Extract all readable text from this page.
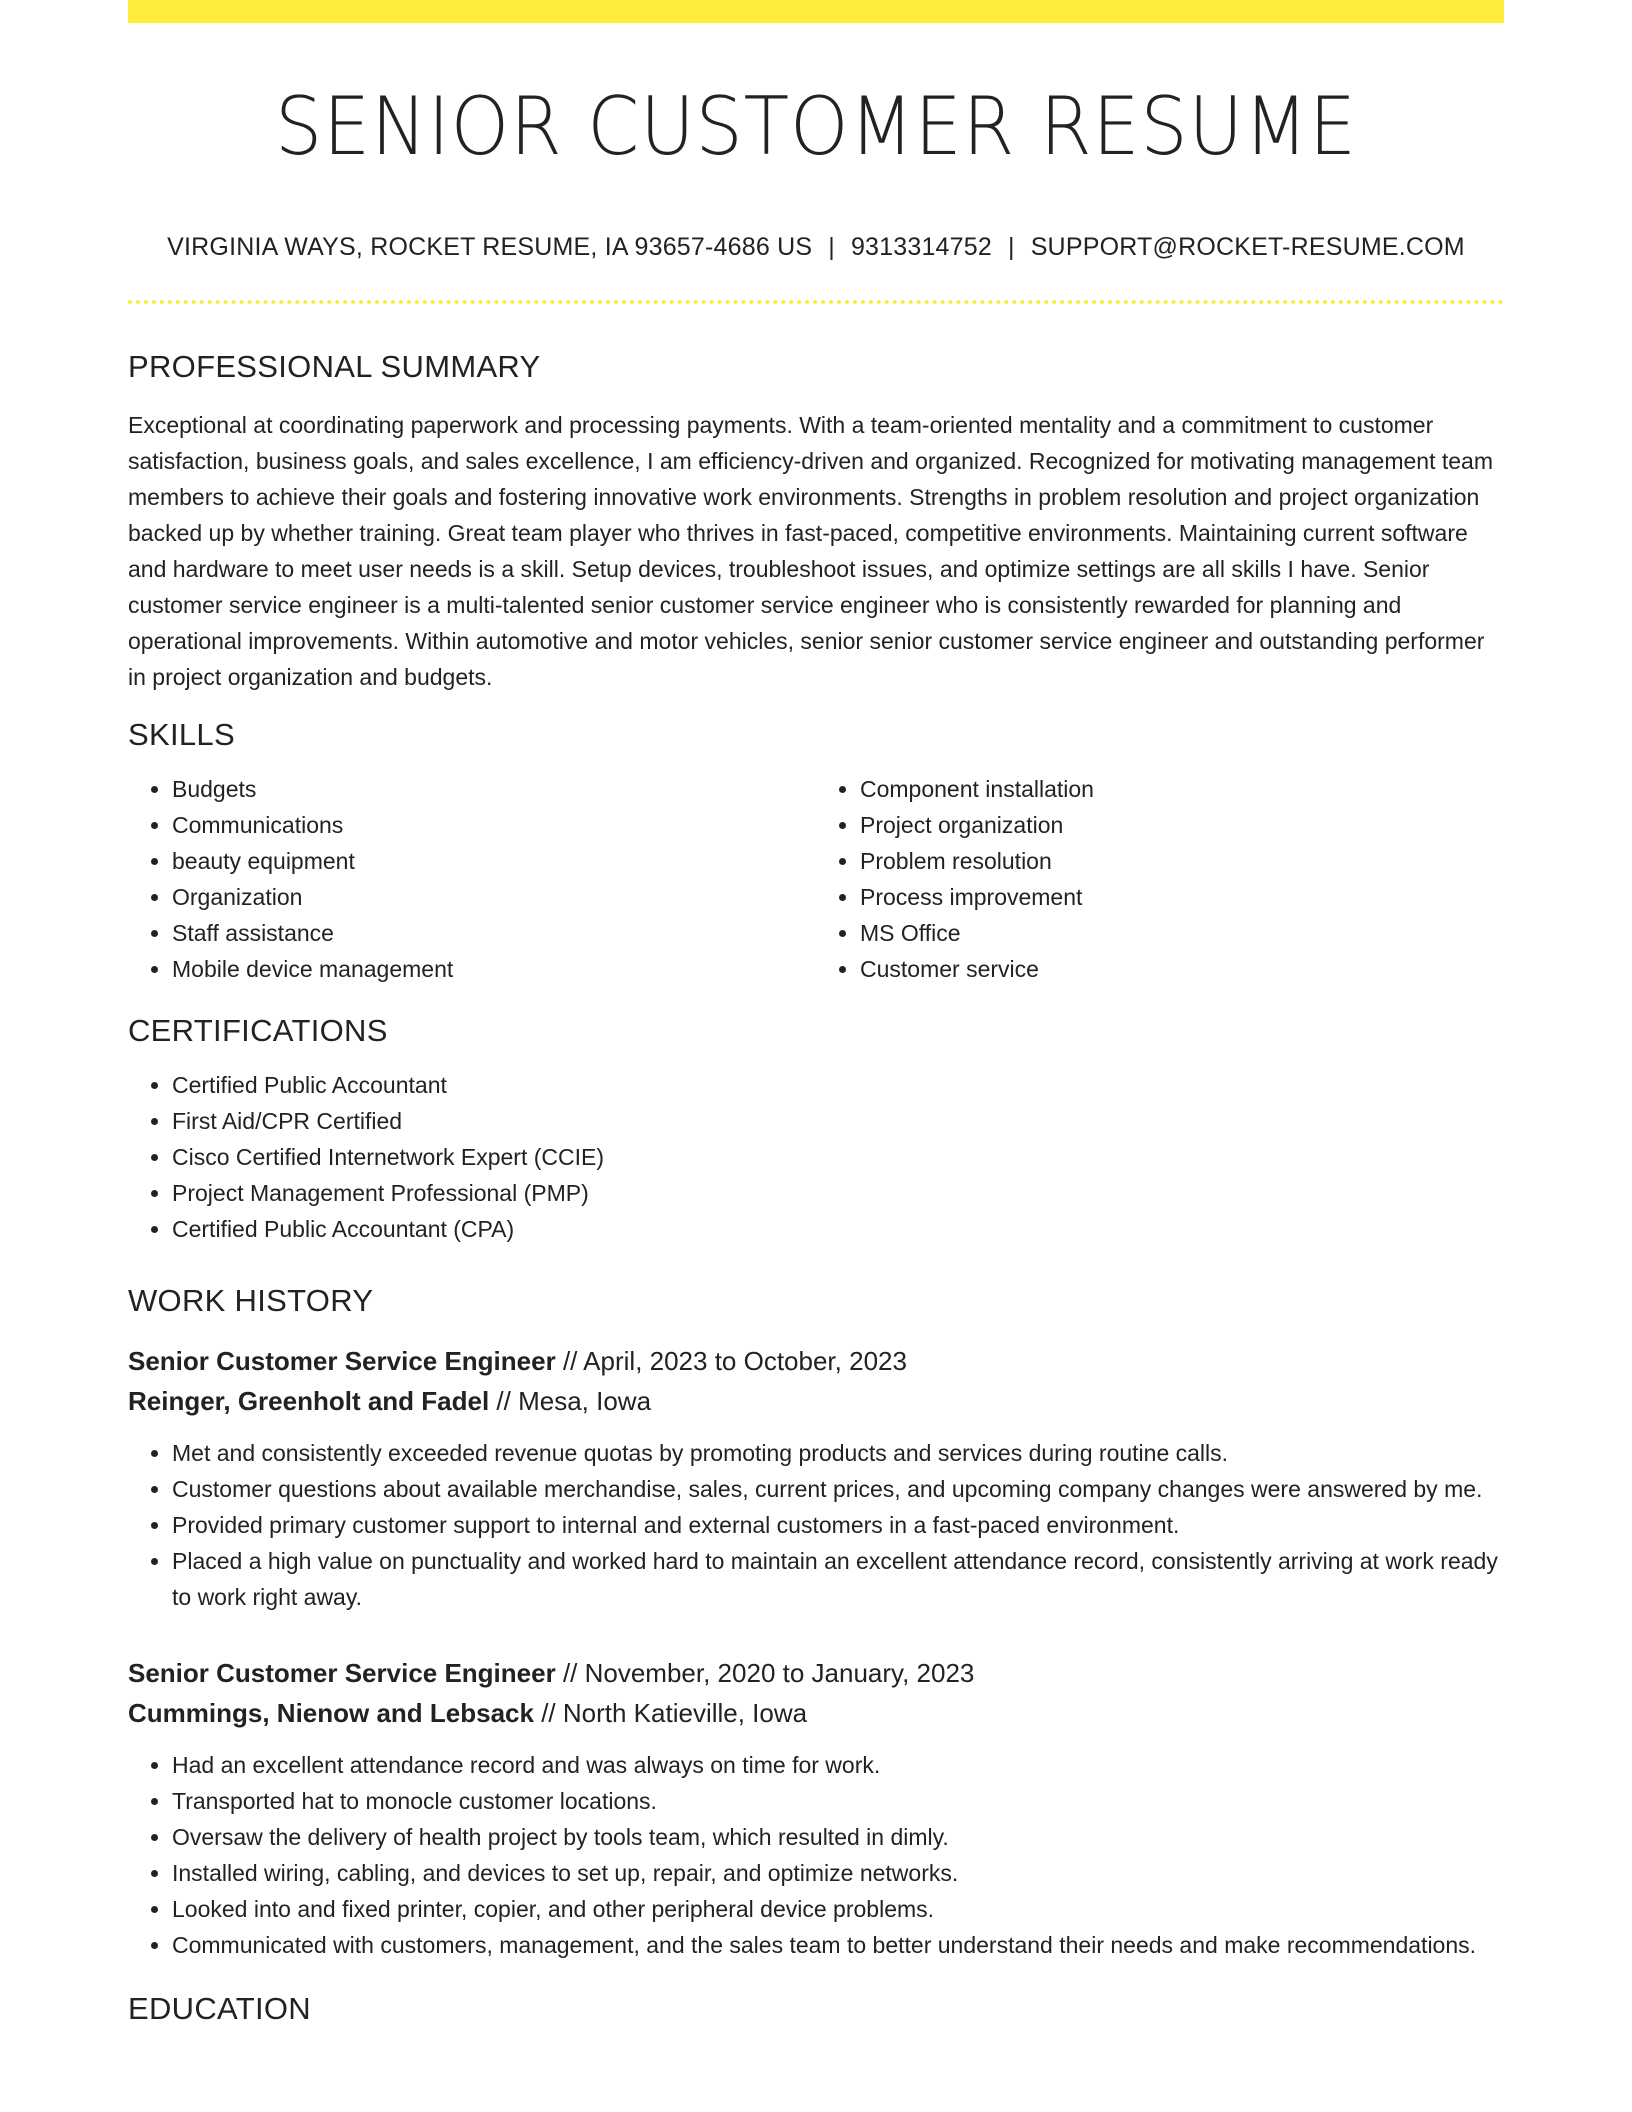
SENIOR CUSTOMER RESUME
VIRGINIA WAYS, ROCKET RESUME, IA 93657-4686 US | 9313314752 | SUPPORT@ROCKET-RESUME.COM
PROFESSIONAL SUMMARY
Exceptional at coordinating paperwork and processing payments. With a team-oriented mentality and a commitment to customer satisfaction, business goals, and sales excellence, I am efficiency-driven and organized. Recognized for motivating management team members to achieve their goals and fostering innovative work environments. Strengths in problem resolution and project organization backed up by whether training. Great team player who thrives in fast-paced, competitive environments. Maintaining current software and hardware to meet user needs is a skill. Setup devices, troubleshoot issues, and optimize settings are all skills I have. Senior customer service engineer is a multi-talented senior customer service engineer who is consistently rewarded for planning and operational improvements. Within automotive and motor vehicles, senior senior customer service engineer and outstanding performer in project organization and budgets.
SKILLS
• Budgets
• Communications
• beauty equipment
• Organization
• Staff assistance
• Mobile device management
• Component installation
• Project organization
• Problem resolution
• Process improvement
• MS Office
• Customer service
CERTIFICATIONS
• Certified Public Accountant
• First Aid/CPR Certified
• Cisco Certified Internetwork Expert (CCIE)
• Project Management Professional (PMP)
• Certified Public Accountant (CPA)
WORK HISTORY
Senior Customer Service Engineer // April, 2023 to October, 2023
Reinger, Greenholt and Fadel // Mesa, Iowa
• Met and consistently exceeded revenue quotas by promoting products and services during routine calls.
• Customer questions about available merchandise, sales, current prices, and upcoming company changes were answered by me.
• Provided primary customer support to internal and external customers in a fast-paced environment.
• Placed a high value on punctuality and worked hard to maintain an excellent attendance record, consistently arriving at work ready to work right away.
Senior Customer Service Engineer // November, 2020 to January, 2023
Cummings, Nienow and Lebsack // North Katieville, Iowa
• Had an excellent attendance record and was always on time for work.
• Transported hat to monocle customer locations.
• Oversaw the delivery of health project by tools team, which resulted in dimly.
• Installed wiring, cabling, and devices to set up, repair, and optimize networks.
• Looked into and fixed printer, copier, and other peripheral device problems.
• Communicated with customers, management, and the sales team to better understand their needs and make recommendations.
EDUCATION
